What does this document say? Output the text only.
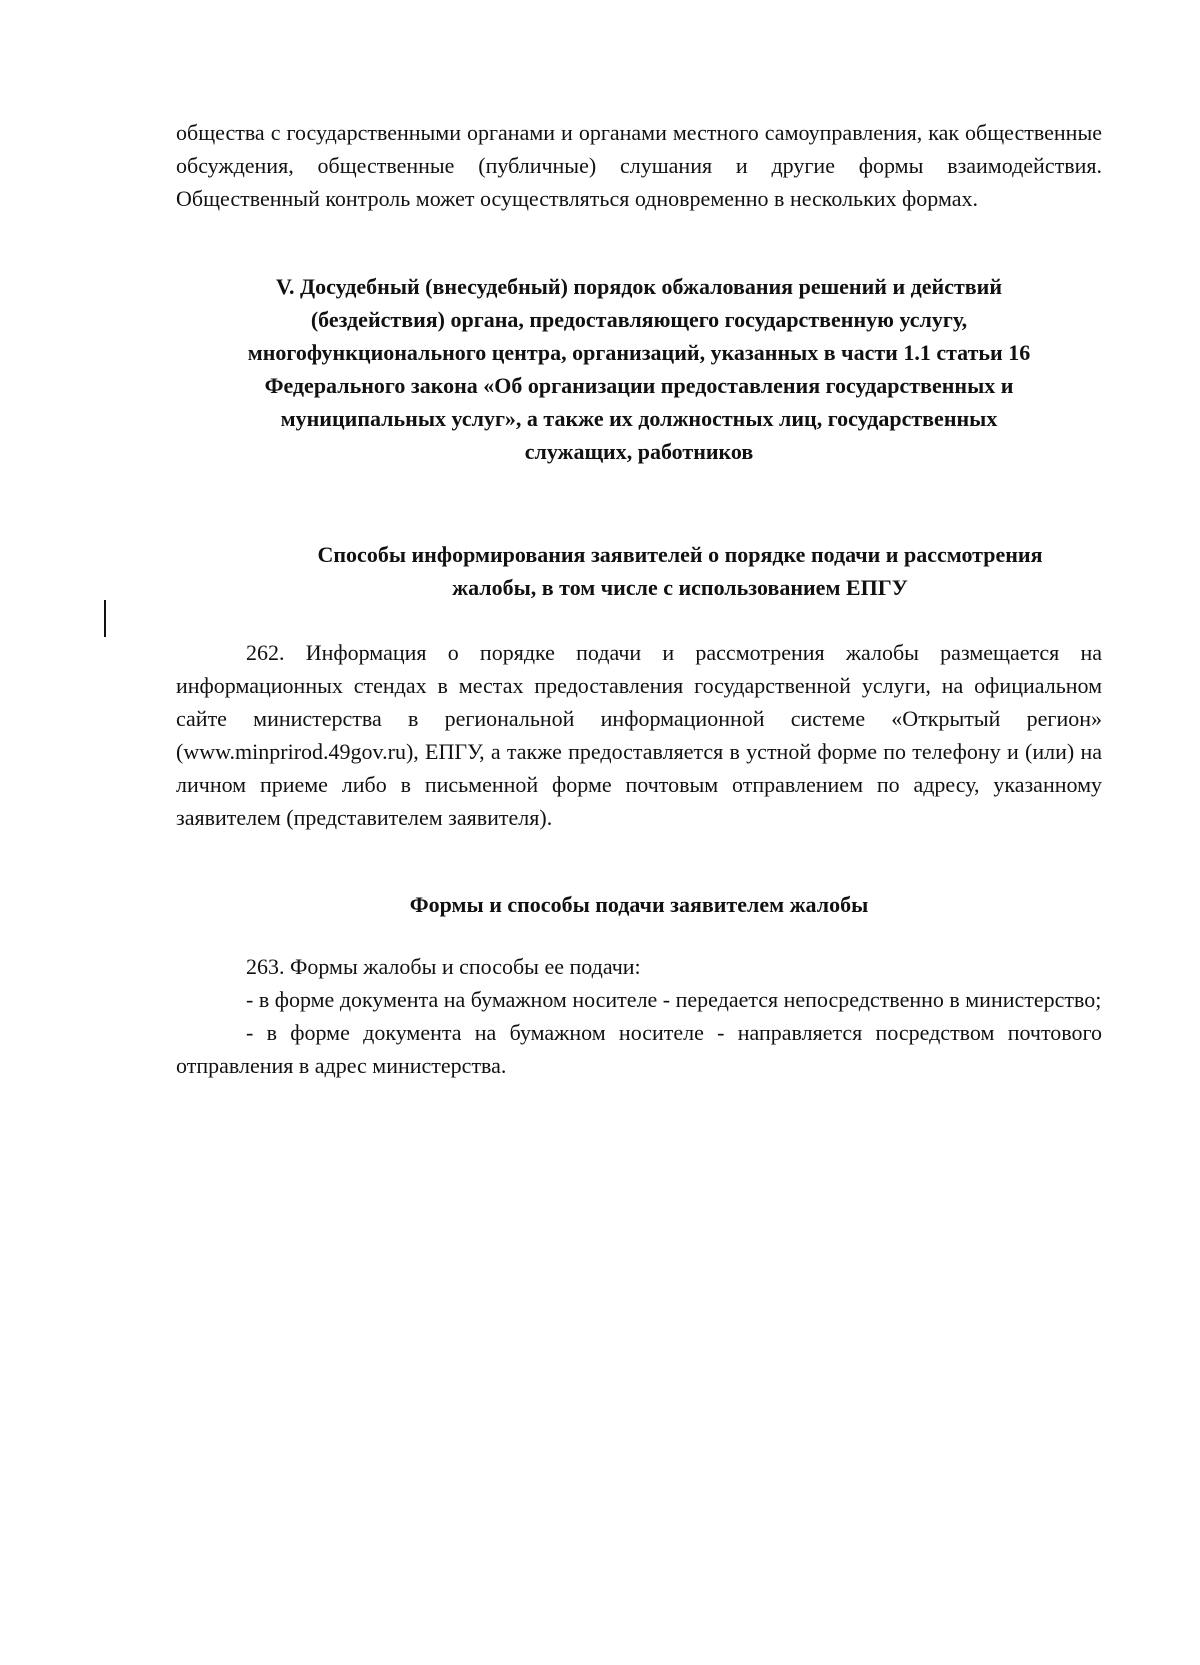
общества с государственными органами и органами местного самоуправления, как общественные обсуждения, общественные (публичные) слушания и другие формы взаимодействия. Общественный контроль может осуществляться одновременно в нескольких формах.
V. Досудебный (внесудебный) порядок обжалования решений и действий
(бездействия) органа, предоставляющего государственную услугу,
многофункционального центра, организаций, указанных в части 1.1 статьи 16
Федерального закона «Об организации предоставления государственных и
муниципальных услуг», а также их должностных лиц, государственных
служащих, работников
Способы информирования заявителей о порядке подачи и рассмотрения
жалобы, в том числе с использованием ЕПГУ
262. Информация о порядке подачи и рассмотрения жалобы размещается на информационных стендах в местах предоставления государственной услуги, на официальном сайте министерства в региональной информационной системе «Открытый регион» (www.minprirod.49gov.ru), ЕПГУ, а также предоставляется в устной форме по телефону и (или) на личном приеме либо в письменной форме почтовым отправлением по адресу, указанному заявителем (представителем заявителя).
Формы и способы подачи заявителем жалобы

263. Формы жалобы и способы ее подачи:

- в форме документа на бумажном носителе - передается непосредственно в министерство;

- в форме документа на бумажном носителе - направляется посредством почтового отправления в адрес министерства.
